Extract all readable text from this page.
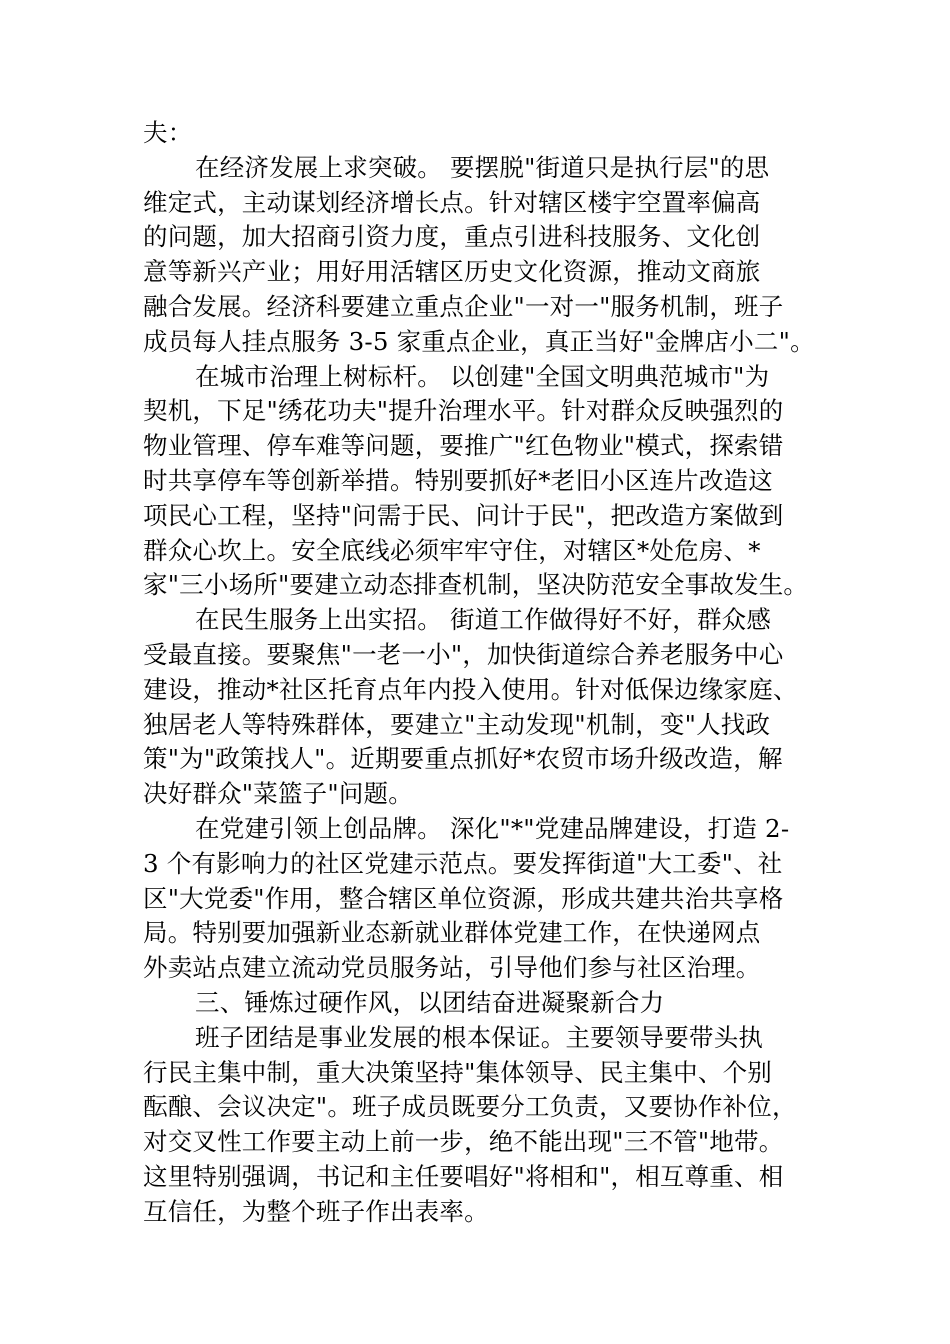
夫：
在经济发展上求突破。 要摆脱"街道只是执行层"的思
维定式，主动谋划经济增长点。针对辖区楼宇空置率偏高
的问题，加大招商引资力度，重点引进科技服务、文化创
意等新兴产业；用好用活辖区历史文化资源，推动文商旅
融合发展。经济科要建立重点企业"一对一"服务机制，班子
成员每人挂点服务 3-5 家重点企业，真正当好"金牌店小二"。
在城市治理上树标杆。 以创建"全国文明典范城市"为
契机，下足"绣花功夫"提升治理水平。针对群众反映强烈的
物业管理、停车难等问题，要推广"红色物业"模式，探索错
时共享停车等创新举措。特别要抓好*老旧小区连片改造这
项民心工程，坚持"问需于民、问计于民"，把改造方案做到
群众心坎上。安全底线必须牢牢守住，对辖区*处危房、*
家"三小场所"要建立动态排查机制，坚决防范安全事故发生。
在民生服务上出实招。 街道工作做得好不好，群众感
受最直接。要聚焦"一老一小"，加快街道综合养老服务中心
建设，推动*社区托育点年内投入使用。针对低保边缘家庭、
独居老人等特殊群体，要建立"主动发现"机制，变"人找政
策"为"政策找人"。近期要重点抓好*农贸市场升级改造，解
决好群众"菜篮子"问题。
在党建引领上创品牌。 深化"*"党建品牌建设，打造 2-
3 个有影响力的社区党建示范点。要发挥街道"大工委"、社
区"大党委"作用，整合辖区单位资源，形成共建共治共享格
局。特别要加强新业态新就业群体党建工作，在快递网点
外卖站点建立流动党员服务站，引导他们参与社区治理。
三、锤炼过硬作风，以团结奋进凝聚新合力
班子团结是事业发展的根本保证。主要领导要带头执
行民主集中制，重大决策坚持"集体领导、民主集中、个别
酝酿、会议决定"。班子成员既要分工负责，又要协作补位，
对交叉性工作要主动上前一步，绝不能出现"三不管"地带。
这里特别强调，书记和主任要唱好"将相和"，相互尊重、相
互信任，为整个班子作出表率。
